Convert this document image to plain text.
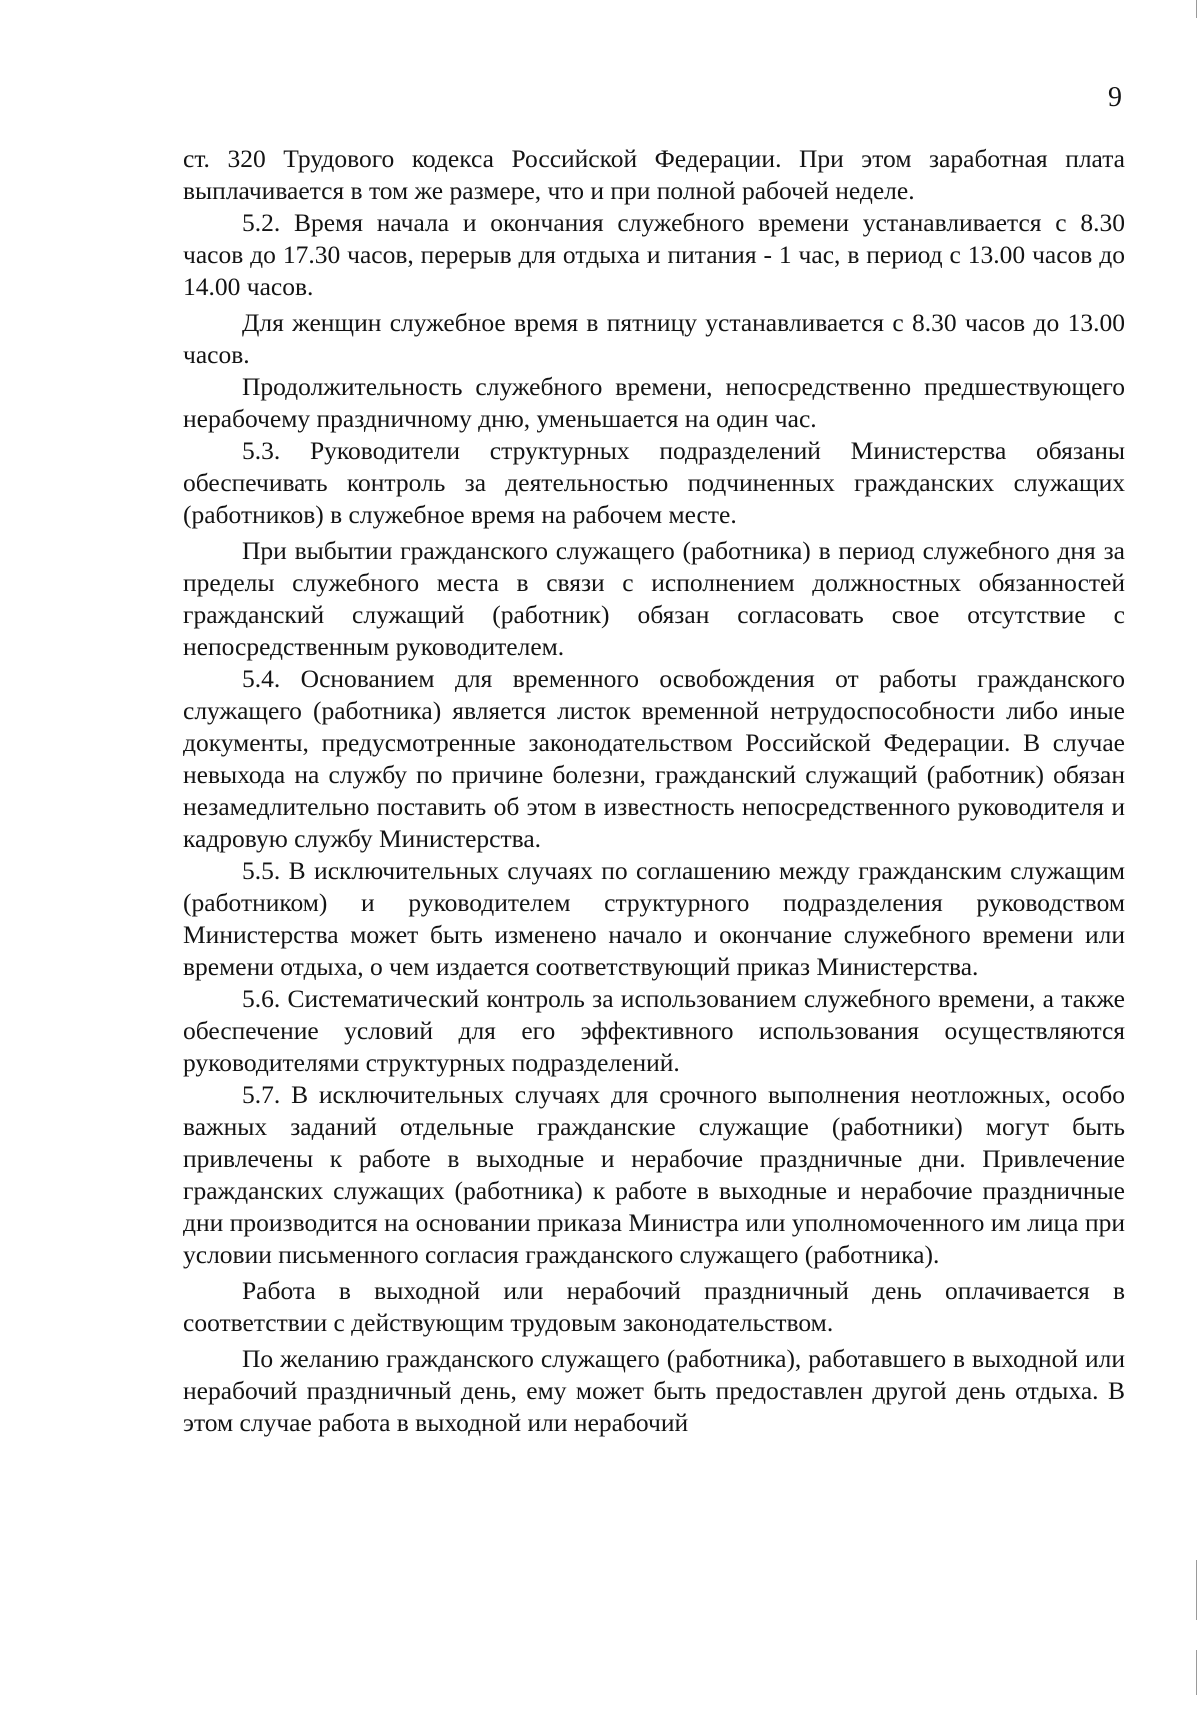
9

ст. 320 Трудового кодекса Российской Федерации. При этом заработная плата выплачивается в том же размере, что и при полной рабочей неделе.

5.2. Время начала и окончания служебного времени устанавливается с 8.30 часов до 17.30 часов, перерыв для отдыха и питания - 1 час, в период с 13.00 часов до 14.00 часов.

Для женщин служебное время в пятницу устанавливается с 8.30 часов до 13.00 часов.

Продолжительность служебного времени, непосредственно предшествующего нерабочему праздничному дню, уменьшается на один час.

5.3. Руководители структурных подразделений Министерства обязаны обеспечивать контроль за деятельностью подчиненных гражданских служащих (работников) в служебное время на рабочем месте.

При выбытии гражданского служащего (работника) в период служебного дня за пределы служебного места в связи с исполнением должностных обязанностей гражданский служащий (работник) обязан согласовать свое отсутствие с непосредственным руководителем.

5.4. Основанием для временного освобождения от работы гражданского служащего (работника) является листок временной нетрудоспособности либо иные документы, предусмотренные законодательством Российской Федерации. В случае невыхода на службу по причине болезни, гражданский служащий (работник) обязан незамедлительно поставить об этом в известность непосредственного руководителя и кадровую службу Министерства.

5.5. В исключительных случаях по соглашению между гражданским служащим (работником) и руководителем структурного подразделения руководством Министерства может быть изменено начало и окончание служебного времени или времени отдыха, о чем издается соответствующий приказ Министерства.

5.6. Систематический контроль за использованием служебного времени, а также обеспечение условий для его эффективного использования осуществляются руководителями структурных подразделений.

5.7. В исключительных случаях для срочного выполнения неотложных, особо важных заданий отдельные гражданские служащие (работники) могут быть привлечены к работе в выходные и нерабочие праздничные дни. Привлечение гражданских служащих (работника) к работе в выходные и нерабочие праздничные дни производится на основании приказа Министра или уполномоченного им лица при условии письменного согласия гражданского служащего (работника).

Работа в выходной или нерабочий праздничный день оплачивается в соответствии с действующим трудовым законодательством.

По желанию гражданского служащего (работника), работавшего в выходной или нерабочий праздничный день, ему может быть предоставлен другой день отдыха. В этом случае работа в выходной или нерабочий
